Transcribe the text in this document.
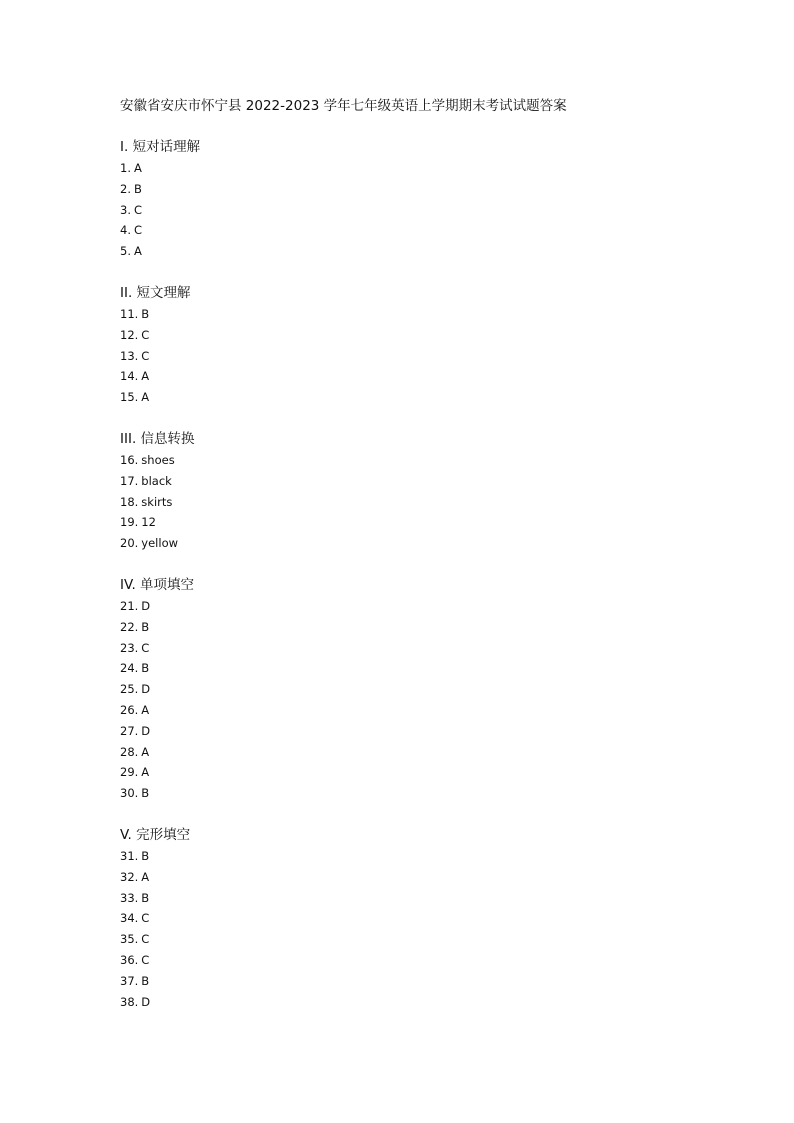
安徽省安庆市怀宁县 2022-2023 学年七年级英语上学期期末考试试题答案
I. 短对话理解
1. A
2. B
3. C
4. C
5. A
II. 短文理解
11. B
12. C
13. C
14. A
15. A
III. 信息转换
16. shoes
17. black
18. skirts
19. 12
20. yellow
IV. 单项填空
21. D
22. B
23. C
24. B
25. D
26. A
27. D
28. A
29. A
30. B
V. 完形填空
31. B
32. A
33. B
34. C
35. C
36. C
37. B
38. D
